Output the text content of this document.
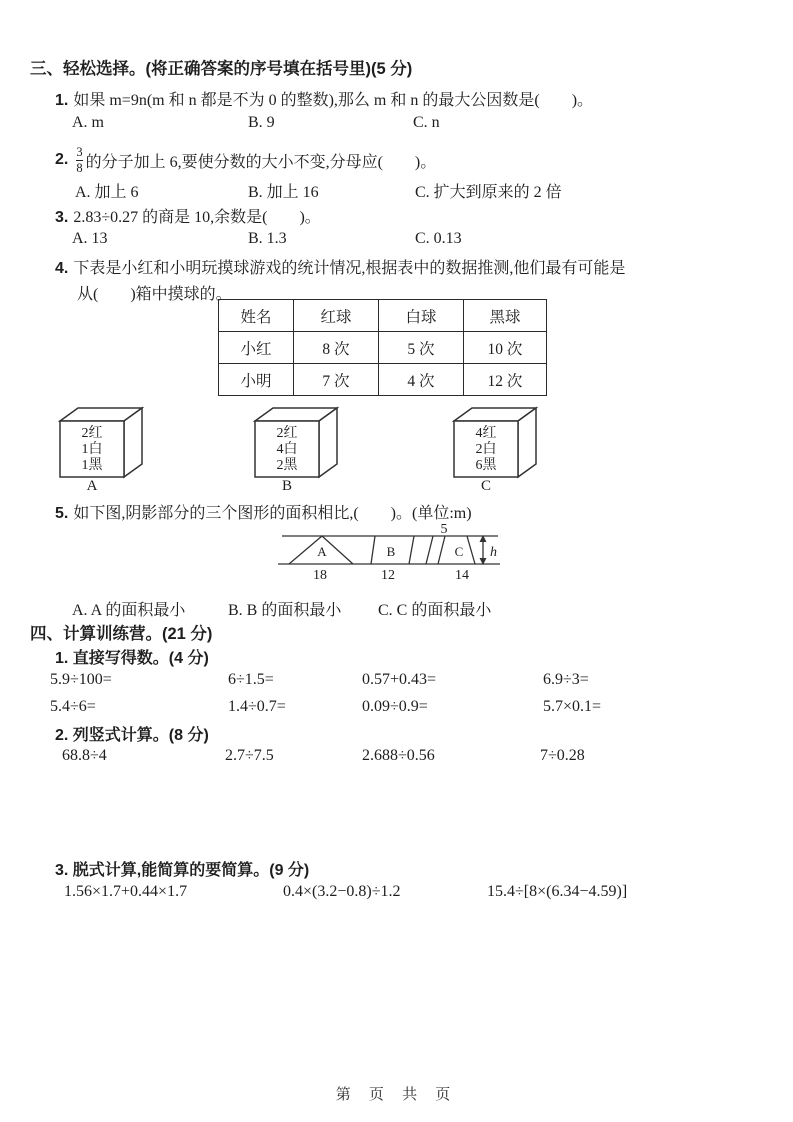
三、轻松选择。(将正确答案的序号填在括号里)(5 分)
1. 如果 m=9n(m 和 n 都是不为 0 的整数),那么 m 和 n 的最大公因数是(　　)。
A. m	B. 9	C. n
2. $\frac{3}{8}$ 的分子加上 6,要使分数的大小不变,分母应(　　)。
A. 加上 6	B. 加上 16	C. 扩大到原来的 2 倍
3. 2.83÷0.27 的商是 10,余数是(　　)。
A. 13	B. 1.3	C. 0.13
4. 下表是小红和小明玩摸球游戏的统计情况,根据表中的数据推测,他们最有可能是
从(　　)箱中摸球的。
姓名	红球	白球	黑球
小红	8 次	5 次	10 次
小明	7 次	4 次	12 次
2红
1白
1黑
A
2红
4白
2黑
B
4红
2白
6黑
C
5. 如下图,阴影部分的三个图形的面积相比,(　　)。(单位:m)
5
A	B	C
18	12	14
h
A. A 的面积最小	B. B 的面积最小 C. C 的面积最小
四、计算训练营。(21 分)
1. 直接写得数。(4 分)
5.9÷100=	6÷1.5=	0.57+0.43=	6.9÷3=
5.4÷6=	1.4÷0.7=	0.09÷0.9=	5.7×0.1=
2. 列竖式计算。(8 分)
68.8÷4	2.7÷7.5	2.688÷0.56	7÷0.28
3. 脱式计算,能简算的要简算。(9 分)
1.56×1.7+0.44×1.7	0.4×(3.2−0.8)÷1.2	15.4÷[8×(6.34−4.59)]
第 页 共 页
